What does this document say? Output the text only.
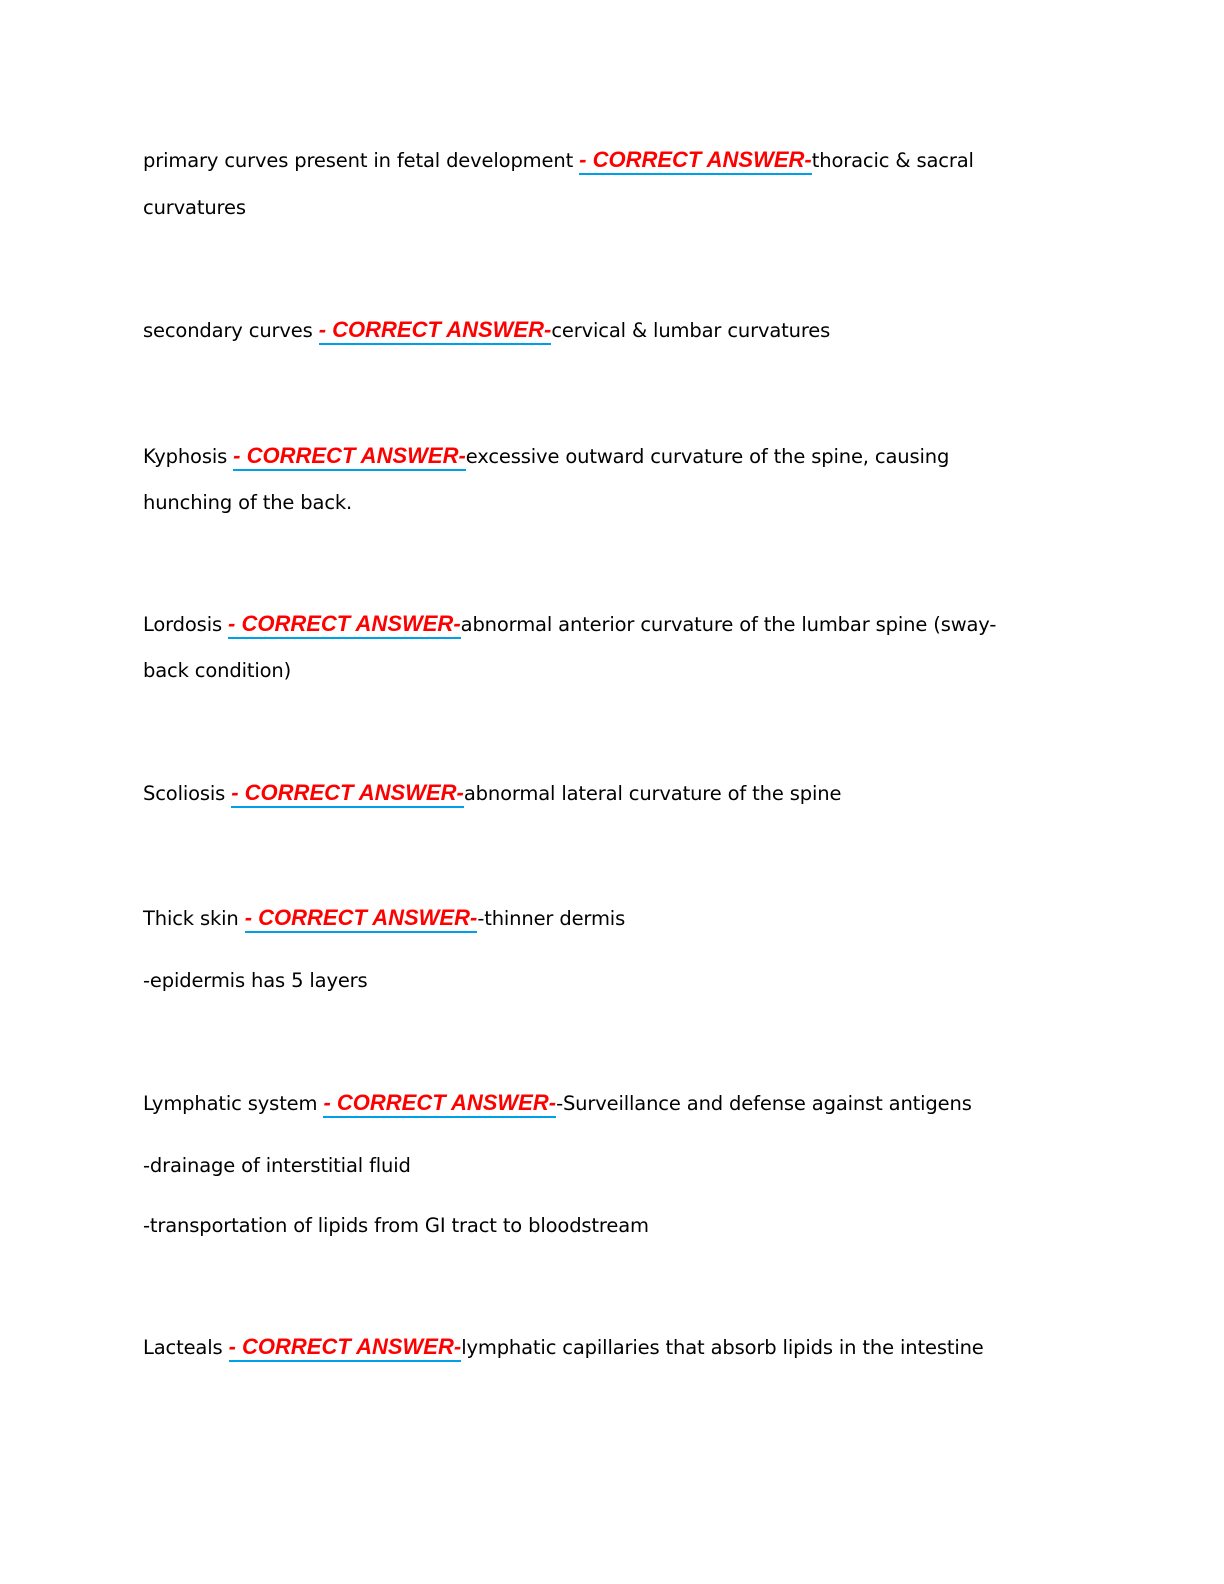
primary curves present in fetal development - CORRECT ANSWER-thoracic & sacral
curvatures
secondary curves - CORRECT ANSWER-cervical & lumbar curvatures
Kyphosis - CORRECT ANSWER-excessive outward curvature of the spine, causing
hunching of the back.
Lordosis - CORRECT ANSWER-abnormal anterior curvature of the lumbar spine (sway-
back condition)
Scoliosis - CORRECT ANSWER-abnormal lateral curvature of the spine
Thick skin - CORRECT ANSWER--thinner dermis
-epidermis has 5 layers
Lymphatic system - CORRECT ANSWER--Surveillance and defense against antigens
-drainage of interstitial fluid
-transportation of lipids from GI tract to bloodstream
Lacteals - CORRECT ANSWER-lymphatic capillaries that absorb lipids in the intestine
